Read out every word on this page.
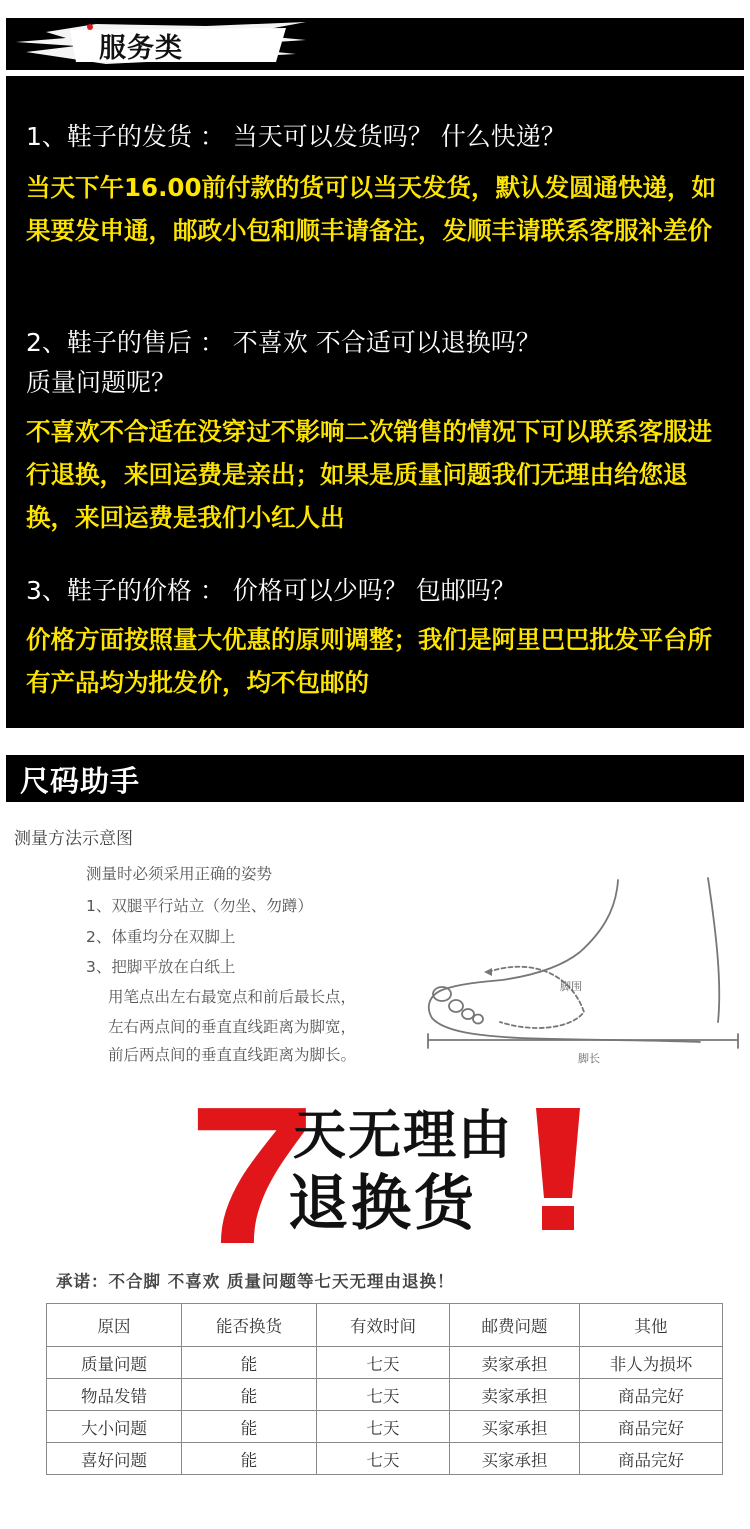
服务类
1、鞋子的发货 ： 当天可以发货吗？ 什么快递？
当天下午16.00前付款的货可以当天发货，默认发圆通快递，如果要发申通，邮政小包和顺丰请备注，发顺丰请联系客服补差价
2、鞋子的售后 ： 不喜欢 不合适可以退换吗？
质量问题呢？
不喜欢不合适在没穿过不影响二次销售的情况下可以联系客服进行退换，来回运费是亲出；如果是质量问题我们无理由给您退换，来回运费是我们小红人出
3、鞋子的价格 ： 价格可以少吗？ 包邮吗？
价格方面按照量大优惠的原则调整；我们是阿里巴巴批发平台所有产品均为批发价，均不包邮的
尺码助手
测量方法示意图
测量时必须采用正确的姿势
1、双腿平行站立（勿坐、勿蹲）
2、体重均分在双脚上
3、把脚平放在白纸上
用笔点出左右最宽点和前后最长点，
左右两点间的垂直直线距离为脚宽，
前后两点间的垂直直线距离为脚长。
脚围
脚长
7
天无理由
退换货
承诺：不合脚 不喜欢 质量问题等七天无理由退换！
原因	能否换货	有效时间	邮费问题	其他
质量问题	能	七天	卖家承担	非人为损坏
物品发错	能	七天	卖家承担	商品完好
大小问题	能	七天	买家承担	商品完好
喜好问题	能	七天	买家承担	商品完好
